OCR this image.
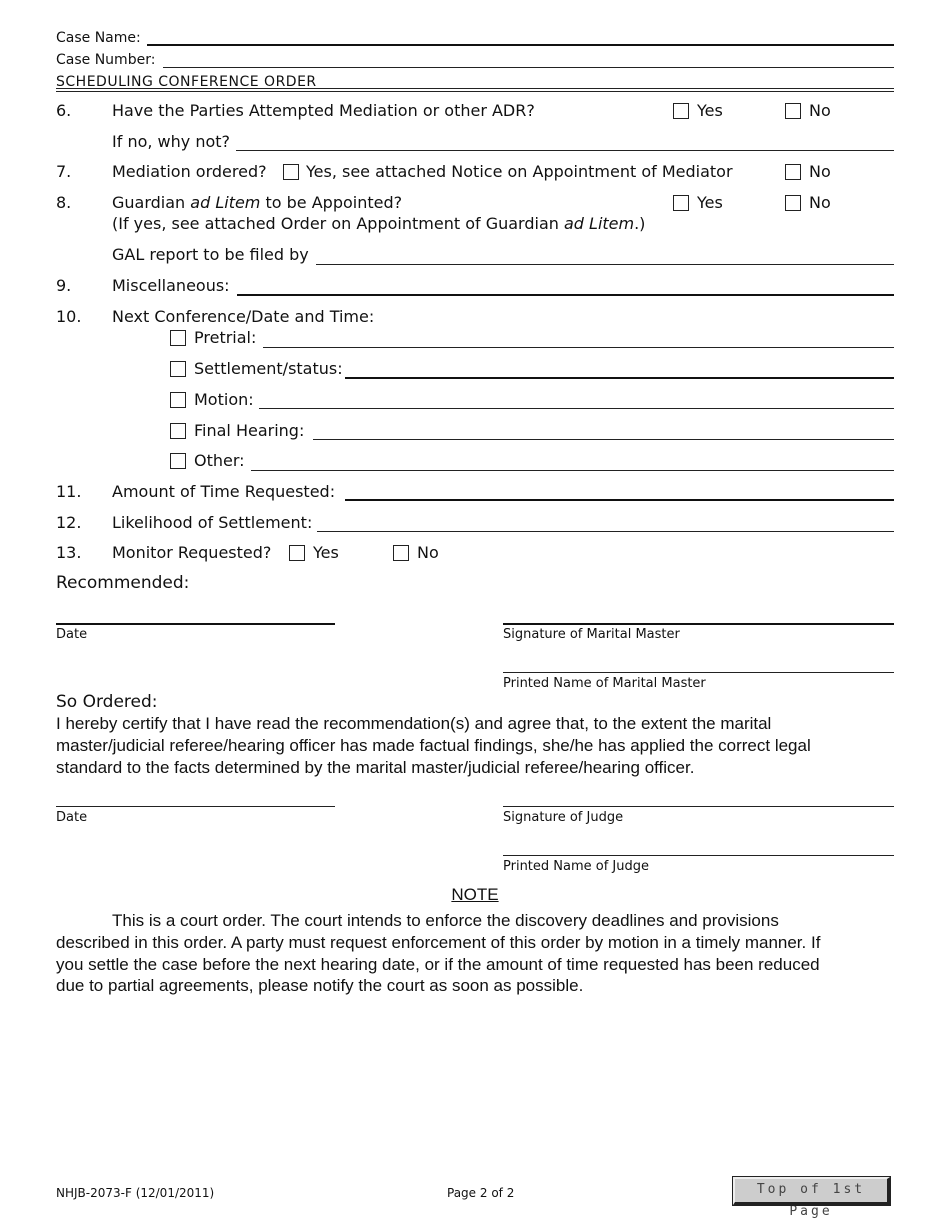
Case Name:
Case Number:
SCHEDULING CONFERENCE ORDER
6.	Have the Parties Attempted Mediation or other ADR?	Yes	No
If no, why not?
7.	Mediation ordered? Yes, see attached Notice on Appointment of Mediator	No
8.	Guardian ad Litem to be Appointed?	Yes	No
(If yes, see attached Order on Appointment of Guardian ad Litem.)
GAL report to be filed by
9.	Miscellaneous:
10. Next Conference/Date and Time:
Pretrial:
Settlement/status:
Motion:
Final Hearing:
Other:
11. Amount of Time Requested:
12. Likelihood of Settlement:
13. Monitor Requested?	Yes	No
Recommended:
Date	Signature of Marital Master
Printed Name of Marital Master
So Ordered:
I hereby certify that I have read the recommendation(s) and agree that, to the extent the marital
master/judicial referee/hearing officer has made factual findings, she/he has applied the correct legal
standard to the facts determined by the marital master/judicial referee/hearing officer.
Date	Signature of Judge
Printed Name of Judge
NOTE
This is a court order. The court intends to enforce the discovery deadlines and provisions
described in this order. A party must request enforcement of this order by motion in a timely manner. If
you settle the case before the next hearing date, or if the amount of time requested has been reduced
due to partial agreements, please notify the court as soon as possible.
NHJB-2073-F (12/01/2011)	Page 2 of 2	Top of 1st Page
